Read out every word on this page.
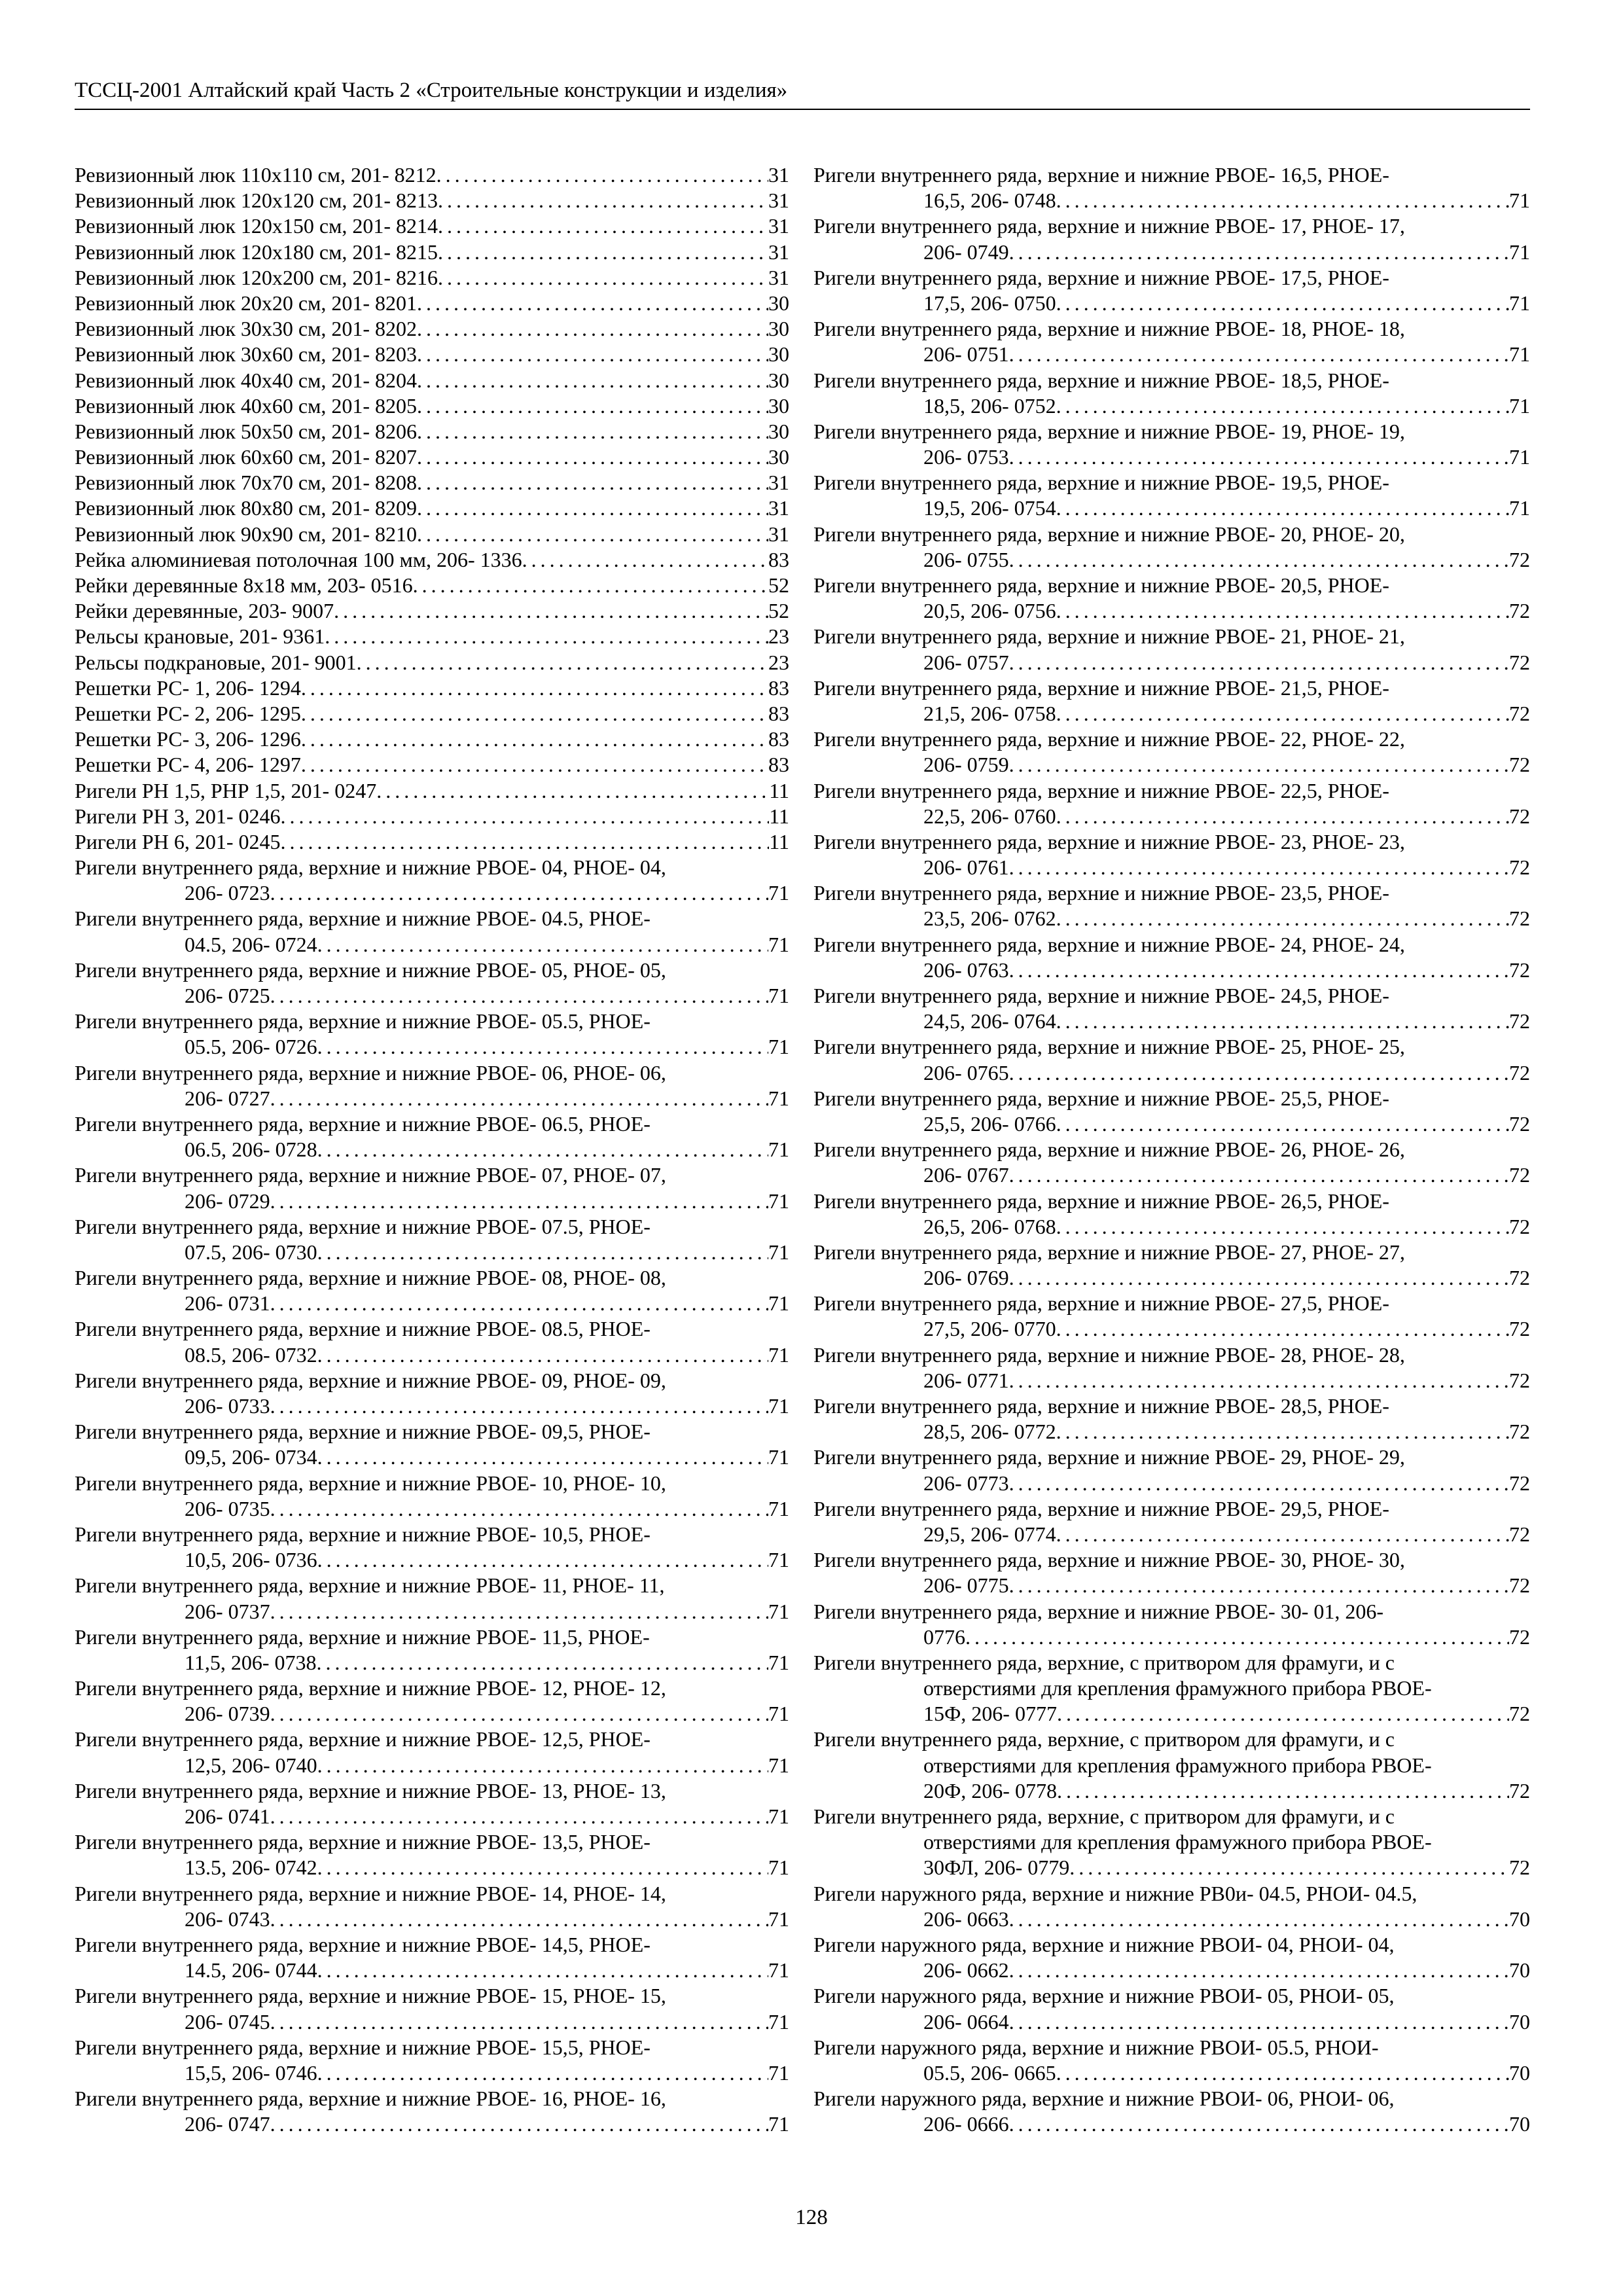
ТССЦ-2001 Алтайский край Часть 2 «Строительные конструкции и изделия»
Ревизионный люк 110x110 см, 201- 8212 . . .	31
Ревизионный люк 120x120 см, 201- 8213 . . .	31
Ревизионный люк 120x150 см, 201- 8214 . . .	31
Ревизионный люк 120x180 см, 201- 8215 . . .	31
Ревизионный люк 120x200 см, 201- 8216 . . .	31
Ревизионный люк 20x20 см, 201- 8201 . . .	30
Ревизионный люк 30x30 см, 201- 8202 . . .	30
Ревизионный люк 30x60 см, 201- 8203 . . .	30
Ревизионный люк 40x40 см, 201- 8204 . . .	30
Ревизионный люк 40x60 см, 201- 8205 . . .	30
Ревизионный люк 50x50 см, 201- 8206 . . .	30
Ревизионный люк 60x60 см, 201- 8207 . . .	30
Ревизионный люк 70x70 см, 201- 8208 . . .	31
Ревизионный люк 80x80 см, 201- 8209 . . .	31
Ревизионный люк 90x90 см, 201- 8210 . . .	31
Рейка алюминиевая потолочная 100 мм, 206- 1336 . . .	83
Рейки деревянные 8x18 мм, 203- 0516 . . .	52
Рейки деревянные, 203- 9007 . . .	52
Рельсы крановые, 201- 9361 . . .	23
Рельсы подкрановые, 201- 9001 . . .	23
Решетки РС- 1, 206- 1294 . . .	83
Решетки РС- 2, 206- 1295 . . .	83
Решетки РС- 3, 206- 1296 . . .	83
Решетки РС- 4, 206- 1297 . . .	83
Ригели РН 1,5, РНР 1,5, 201- 0247 . . .	11
Ригели РН 3, 201- 0246 . . .	11
Ригели РН 6, 201- 0245 . . .	11
Ригели внутреннего ряда, верхние и нижние РВОЕ- 04, РНОЕ- 04,
206- 0723 . . .	71
Ригели внутреннего ряда, верхние и нижние РВОЕ- 04.5, РНОЕ-
04.5, 206- 0724 . . .	71
Ригели внутреннего ряда, верхние и нижние РВОЕ- 05, РНОЕ- 05,
206- 0725 . . .	71
Ригели внутреннего ряда, верхние и нижние РВОЕ- 05.5, РНОЕ-
05.5, 206- 0726 . . .	71
Ригели внутреннего ряда, верхние и нижние РВОЕ- 06, РНОЕ- 06,
206- 0727 . . .	71
Ригели внутреннего ряда, верхние и нижние РВОЕ- 06.5, РНОЕ-
06.5, 206- 0728 . . .	71
Ригели внутреннего ряда, верхние и нижние РВОЕ- 07, РНОЕ- 07,
206- 0729 . . .	71
Ригели внутреннего ряда, верхние и нижние РВОЕ- 07.5, РНОЕ-
07.5, 206- 0730 . . .	71
Ригели внутреннего ряда, верхние и нижние РВОЕ- 08, РНОЕ- 08,
206- 0731 . . .	71
Ригели внутреннего ряда, верхние и нижние РВОЕ- 08.5, РНОЕ-
08.5, 206- 0732 . . .	71
Ригели внутреннего ряда, верхние и нижние РВОЕ- 09, РНОЕ- 09,
206- 0733 . . .	71
Ригели внутреннего ряда, верхние и нижние РВОЕ- 09,5, РНОЕ-
09,5, 206- 0734 . . .	71
Ригели внутреннего ряда, верхние и нижние РВОЕ- 10, РНОЕ- 10,
206- 0735 . . .	71
Ригели внутреннего ряда, верхние и нижние РВОЕ- 10,5, РНОЕ-
10,5, 206- 0736 . . .	71
Ригели внутреннего ряда, верхние и нижние РВОЕ- 11, РНОЕ- 11,
206- 0737 . . .	71
Ригели внутреннего ряда, верхние и нижние РВОЕ- 11,5, РНОЕ-
11,5, 206- 0738 . . .	71
Ригели внутреннего ряда, верхние и нижние РВОЕ- 12, РНОЕ- 12,
206- 0739 . . .	71
Ригели внутреннего ряда, верхние и нижние РВОЕ- 12,5, РНОЕ-
12,5, 206- 0740 . . .	71
Ригели внутреннего ряда, верхние и нижние РВОЕ- 13, РНОЕ- 13,
206- 0741 . . .	71
Ригели внутреннего ряда, верхние и нижние РВОЕ- 13,5, РНОЕ-
13.5, 206- 0742 . . .	71
Ригели внутреннего ряда, верхние и нижние РВОЕ- 14, РНОЕ- 14,
206- 0743 . . .	71
Ригели внутреннего ряда, верхние и нижние РВОЕ- 14,5, РНОЕ-
14.5, 206- 0744 . . .	71
Ригели внутреннего ряда, верхние и нижние РВОЕ- 15, РНОЕ- 15,
206- 0745 . . .	71
Ригели внутреннего ряда, верхние и нижние РВОЕ- 15,5, РНОЕ-
15,5, 206- 0746 . . .	71
Ригели внутреннего ряда, верхние и нижние РВОЕ- 16, РНОЕ- 16,
206- 0747 . . .	71
Ригели внутреннего ряда, верхние и нижние РВОЕ- 16,5, РНОЕ-
16,5, 206- 0748 . . .	71
Ригели внутреннего ряда, верхние и нижние РВОЕ- 17, РНОЕ- 17,
206- 0749 . . .	71
Ригели внутреннего ряда, верхние и нижние РВОЕ- 17,5, РНОЕ-
17,5, 206- 0750 . . .	71
Ригели внутреннего ряда, верхние и нижние РВОЕ- 18, РНОЕ- 18,
206- 0751 . . .	71
Ригели внутреннего ряда, верхние и нижние РВОЕ- 18,5, РНОЕ-
18,5, 206- 0752 . . .	71
Ригели внутреннего ряда, верхние и нижние РВОЕ- 19, РНОЕ- 19,
206- 0753 . . .	71
Ригели внутреннего ряда, верхние и нижние РВОЕ- 19,5, РНОЕ-
19,5, 206- 0754 . . .	71
Ригели внутреннего ряда, верхние и нижние РВОЕ- 20, РНОЕ- 20,
206- 0755 . . .	72
Ригели внутреннего ряда, верхние и нижние РВОЕ- 20,5, РНОЕ-
20,5, 206- 0756 . . .	72
Ригели внутреннего ряда, верхние и нижние РВОЕ- 21, РНОЕ- 21,
206- 0757 . . .	72
Ригели внутреннего ряда, верхние и нижние РВОЕ- 21,5, РНОЕ-
21,5, 206- 0758 . . .	72
Ригели внутреннего ряда, верхние и нижние РВОЕ- 22, РНОЕ- 22,
206- 0759 . . .	72
Ригели внутреннего ряда, верхние и нижние РВОЕ- 22,5, РНОЕ-
22,5, 206- 0760 . . .	72
Ригели внутреннего ряда, верхние и нижние РВОЕ- 23, РНОЕ- 23,
206- 0761 . . .	72
Ригели внутреннего ряда, верхние и нижние РВОЕ- 23,5, РНОЕ-
23,5, 206- 0762 . . .	72
Ригели внутреннего ряда, верхние и нижние РВОЕ- 24, РНОЕ- 24,
206- 0763 . . .	72
Ригели внутреннего ряда, верхние и нижние РВОЕ- 24,5, РНОЕ-
24,5, 206- 0764 . . .	72
Ригели внутреннего ряда, верхние и нижние РВОЕ- 25, РНОЕ- 25,
206- 0765 . . .	72
Ригели внутреннего ряда, верхние и нижние РВОЕ- 25,5, РНОЕ-
25,5, 206- 0766 . . .	72
Ригели внутреннего ряда, верхние и нижние РВОЕ- 26, РНОЕ- 26,
206- 0767 . . .	72
Ригели внутреннего ряда, верхние и нижние РВОЕ- 26,5, РНОЕ-
26,5, 206- 0768 . . .	72
Ригели внутреннего ряда, верхние и нижние РВОЕ- 27, РНОЕ- 27,
206- 0769 . . .	72
Ригели внутреннего ряда, верхние и нижние РВОЕ- 27,5, РНОЕ-
27,5, 206- 0770 . . .	72
Ригели внутреннего ряда, верхние и нижние РВОЕ- 28, РНОЕ- 28,
206- 0771 . . .	72
Ригели внутреннего ряда, верхние и нижние РВОЕ- 28,5, РНОЕ-
28,5, 206- 0772 . . .	72
Ригели внутреннего ряда, верхние и нижние РВОЕ- 29, РНОЕ- 29,
206- 0773 . . .	72
Ригели внутреннего ряда, верхние и нижние РВОЕ- 29,5, РНОЕ-
29,5, 206- 0774 . . .	72
Ригели внутреннего ряда, верхние и нижние РВОЕ- 30, РНОЕ- 30,
206- 0775 . . .	72
Ригели внутреннего ряда, верхние и нижние РВОЕ- 30- 01, 206-
0776 . . .	72
Ригели внутреннего ряда, верхние, с притвором для фрамуги, и с
отверстиями для крепления фрамужного прибора РВОЕ-
15Ф, 206- 0777 . . .	72
Ригели внутреннего ряда, верхние, с притвором для фрамуги, и с
отверстиями для крепления фрамужного прибора РВОЕ-
20Ф, 206- 0778 . . .	72
Ригели внутреннего ряда, верхние, с притвором для фрамуги, и с
отверстиями для крепления фрамужного прибора РВОЕ-
30ФЛ, 206- 0779 . . .	72
Ригели наружного ряда, верхние и нижние РВ0и- 04.5, РНОИ- 04.5,
206- 0663 . . .	70
Ригели наружного ряда, верхние и нижние РВОИ- 04, РНОИ- 04,
206- 0662 . . .	70
Ригели наружного ряда, верхние и нижние РВОИ- 05, РНОИ- 05,
206- 0664 . . .	70
Ригели наружного ряда, верхние и нижние РВОИ- 05.5, РНОИ-
05.5, 206- 0665 . . .	70
Ригели наружного ряда, верхние и нижние РВОИ- 06, РНОИ- 06,
206- 0666 . . .	70
128
